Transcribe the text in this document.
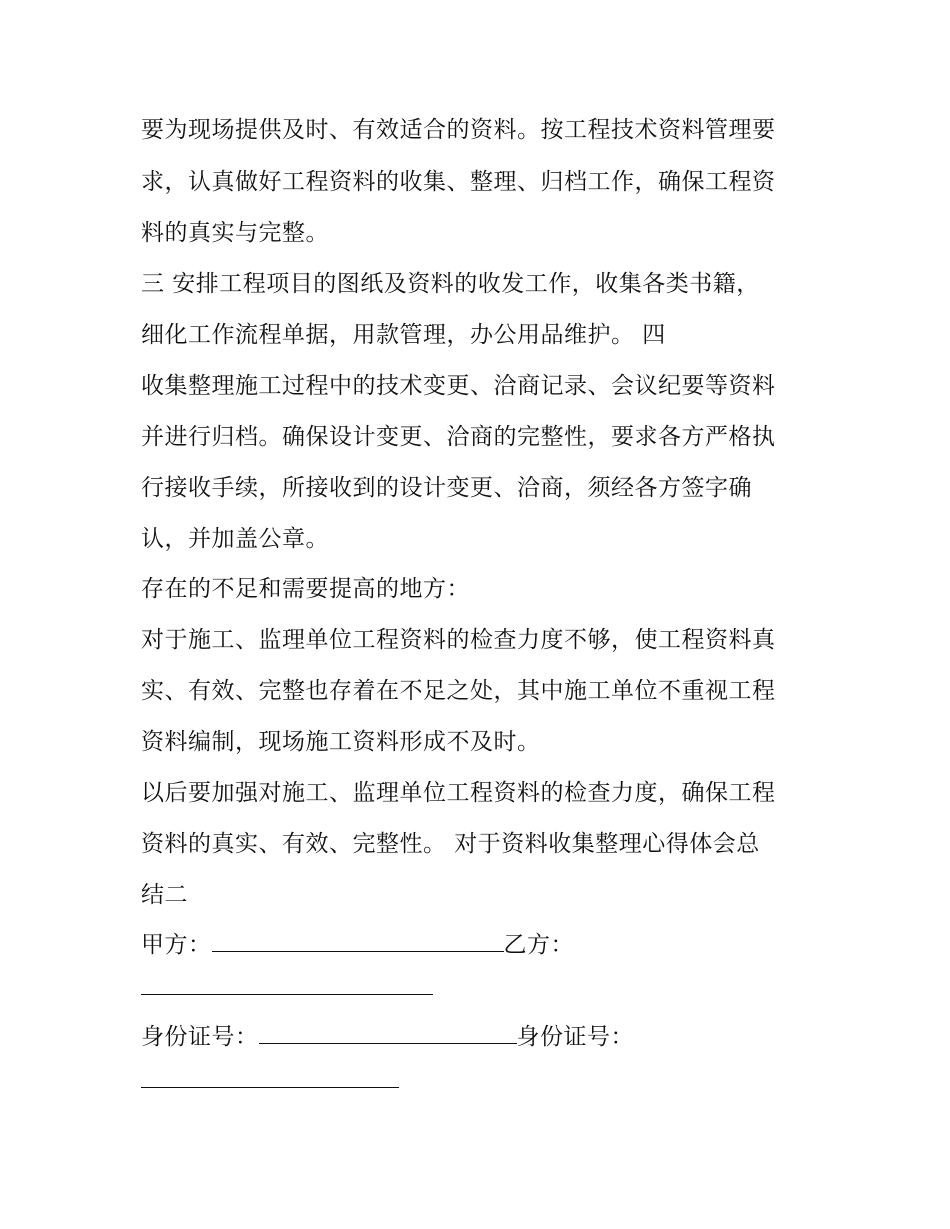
要为现场提供及时、有效适合的资料。按工程技术资料管理要
求，认真做好工程资料的收集、整理、归档工作，确保工程资
料的真实与完整。
三 安排工程项目的图纸及资料的收发工作，收集各类书籍，
细化工作流程单据，用款管理，办公用品维护。 四
收集整理施工过程中的技术变更、洽商记录、会议纪要等资料
并进行归档。确保设计变更、洽商的完整性，要求各方严格执
行接收手续，所接收到的设计变更、洽商，须经各方签字确
认，并加盖公章。
存在的不足和需要提高的地方：
对于施工、监理单位工程资料的检查力度不够，使工程资料真
实、有效、完整也存着在不足之处，其中施工单位不重视工程
资料编制，现场施工资料形成不及时。
以后要加强对施工、监理单位工程资料的检查力度，确保工程
资料的真实、有效、完整性。 对于资料收集整理心得体会总
结二
甲方：	乙方：
身份证号：	身份证号：
